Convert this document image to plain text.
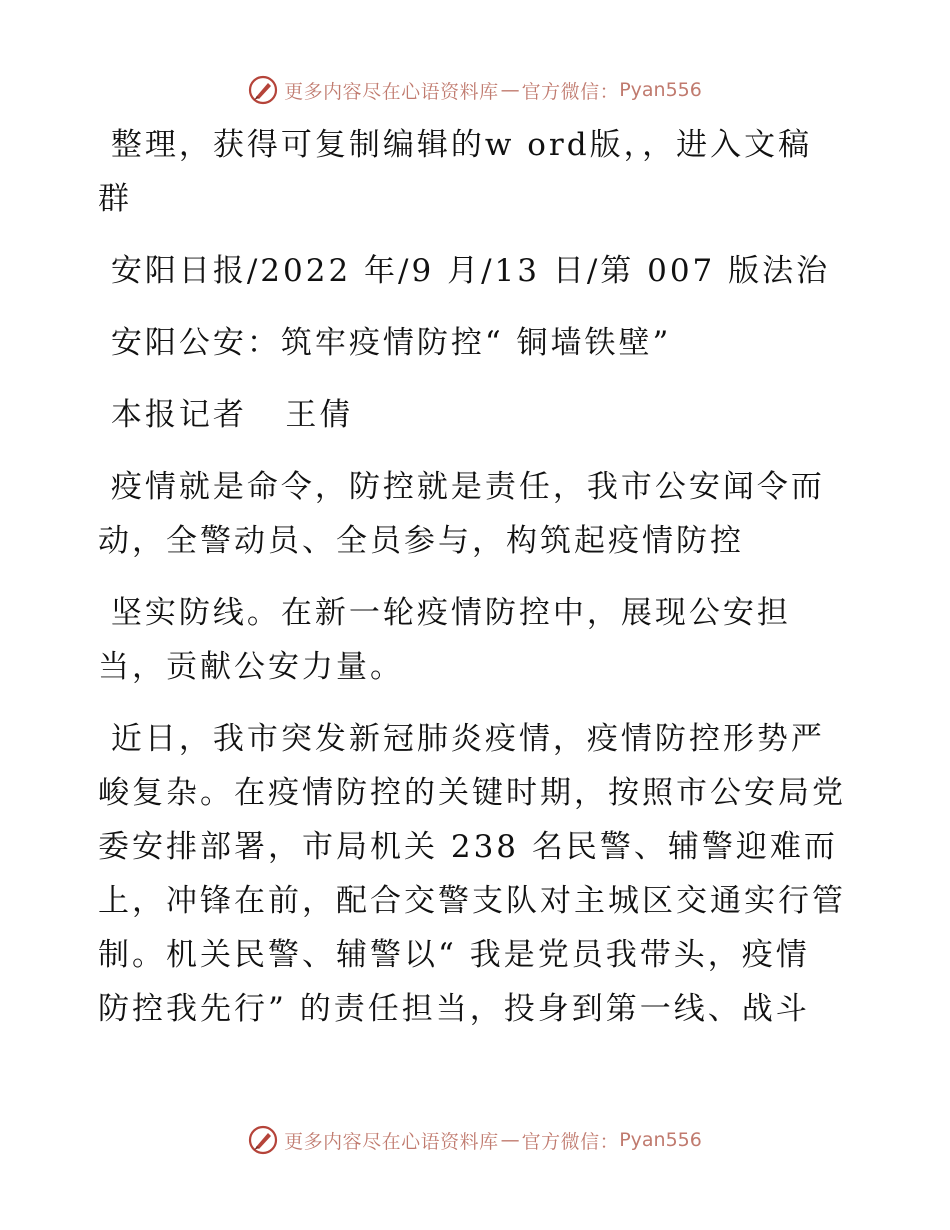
更多内容尽在心语资料库 — 官方微信： Pyan556

整理，获得可复制编辑的w ord版，，进入文稿
群

安阳日报/2022 年/9 月/13 日/第 007 版法治

安阳公安：筑牢疫情防控“ 铜墙铁壁”

本报记者   王倩

疫情就是命令，防控就是责任，我市公安闻令而
动，全警动员、全员参与，构筑起疫情防控

坚实防线。在新一轮疫情防控中，展现公安担
当，贡献公安力量。

近日，我市突发新冠肺炎疫情，疫情防控形势严
峻复杂。在疫情防控的关键时期，按照市公安局党
委安排部署，市局机关 238 名民警、辅警迎难而
上，冲锋在前，配合交警支队对主城区交通实行管
制。机关民警、辅警以“ 我是党员我带头，疫情
防控我先行” 的责任担当，投身到第一线、战斗

更多内容尽在心语资料库 — 官方微信： Pyan556
